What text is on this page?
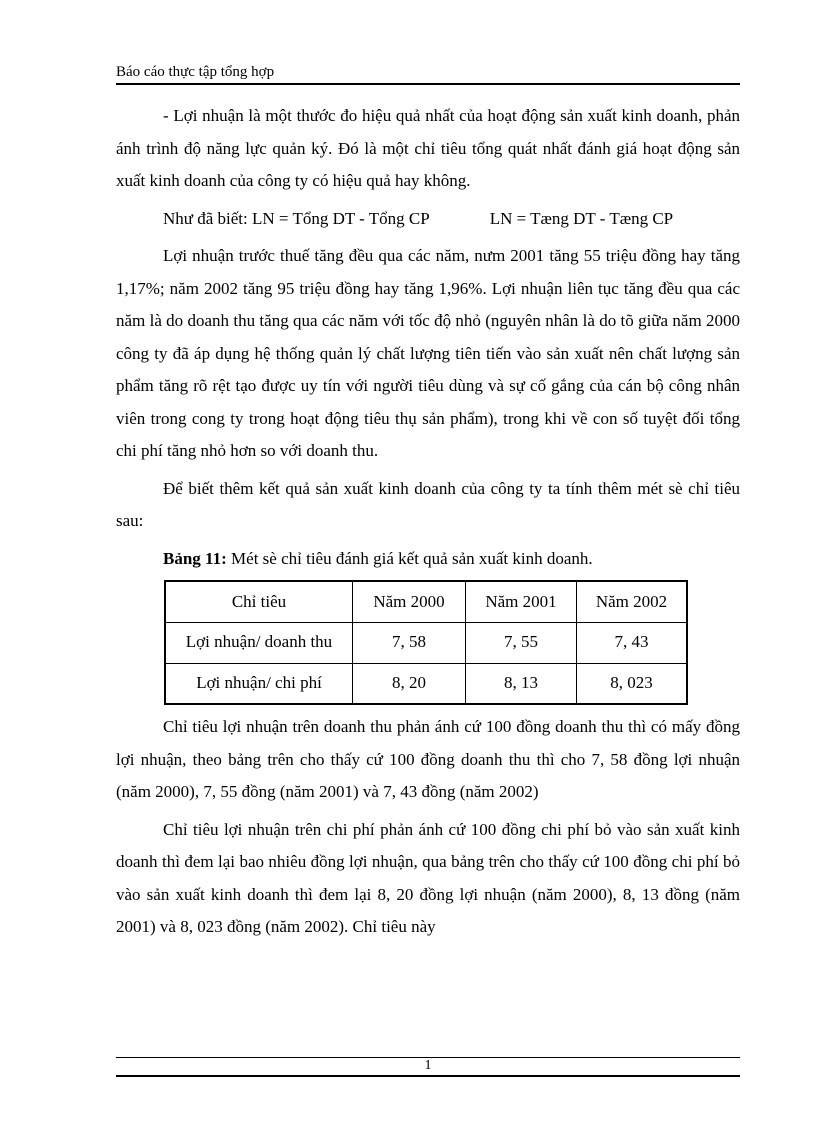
Báo cáo thực tập tổng hợp

- Lợi nhuận là một thước đo hiệu quả nhất của hoạt động sản xuất kinh doanh, phản ánh trình độ năng lực quản ký. Đó là một chỉ tiêu tổng quát nhất đánh giá hoạt động sản xuất kinh doanh của công ty có hiệu quả hay không.

Như đã biết: LN = Tổng DT - Tổng CP	LN = Tæng DT - Tæng CP

Lợi nhuận trước thuế tăng đều qua các năm, nưm 2001 tăng 55 triệu đồng hay tăng 1,17%; năm 2002 tăng 95 triệu đồng hay tăng 1,96%. Lợi nhuận liên tục tăng đều qua các năm là do doanh thu tăng qua các năm với tốc độ nhỏ (nguyên nhân là do tõ giữa năm 2000 công ty đã áp dụng hệ thống quản lý chất lượng tiên tiến vào sản xuất nên chất lượng sản phẩm tăng rõ rệt tạo được uy tín với người tiêu dùng và sự cố gắng của cán bộ công nhân viên trong cong ty trong hoạt động tiêu thụ sản phẩm), trong khi về con số tuyệt đối tổng chi phí tăng nhỏ hơn so với doanh thu.

Để biết thêm kết quả sản xuất kinh doanh của công ty ta tính thêm mét sè chỉ tiêu sau:

Bảng 11: Mét sè chỉ tiêu đánh giá kết quả sản xuất kinh doanh.

Chỉ tiêu	Năm 2000	Năm 2001	Năm 2002
Lợi nhuận/ doanh thu	7, 58	7, 55	7, 43
Lợi nhuận/ chi phí	8, 20	8, 13	8, 023

Chỉ tiêu lợi nhuận trên doanh thu phản ánh cứ 100 đồng doanh thu thì có mấy đồng lợi nhuận, theo bảng trên cho thấy cứ 100 đồng doanh thu thì cho 7, 58 đồng lợi nhuận (năm 2000), 7, 55 đồng (năm 2001) và 7, 43 đồng (năm 2002)

Chỉ tiêu lợi nhuận trên chi phí phản ánh cứ 100 đồng chi phí bỏ vào sản xuất kinh doanh thì đem lại bao nhiêu đồng lợi nhuận, qua bảng trên cho thấy cứ 100 đồng chi phí bỏ vào sản xuất kinh doanh thì đem lại 8, 20 đồng lợi nhuận (năm 2000), 8, 13 đồng (năm 2001) và 8, 023 đồng (năm 2002). Chỉ tiêu này

1
